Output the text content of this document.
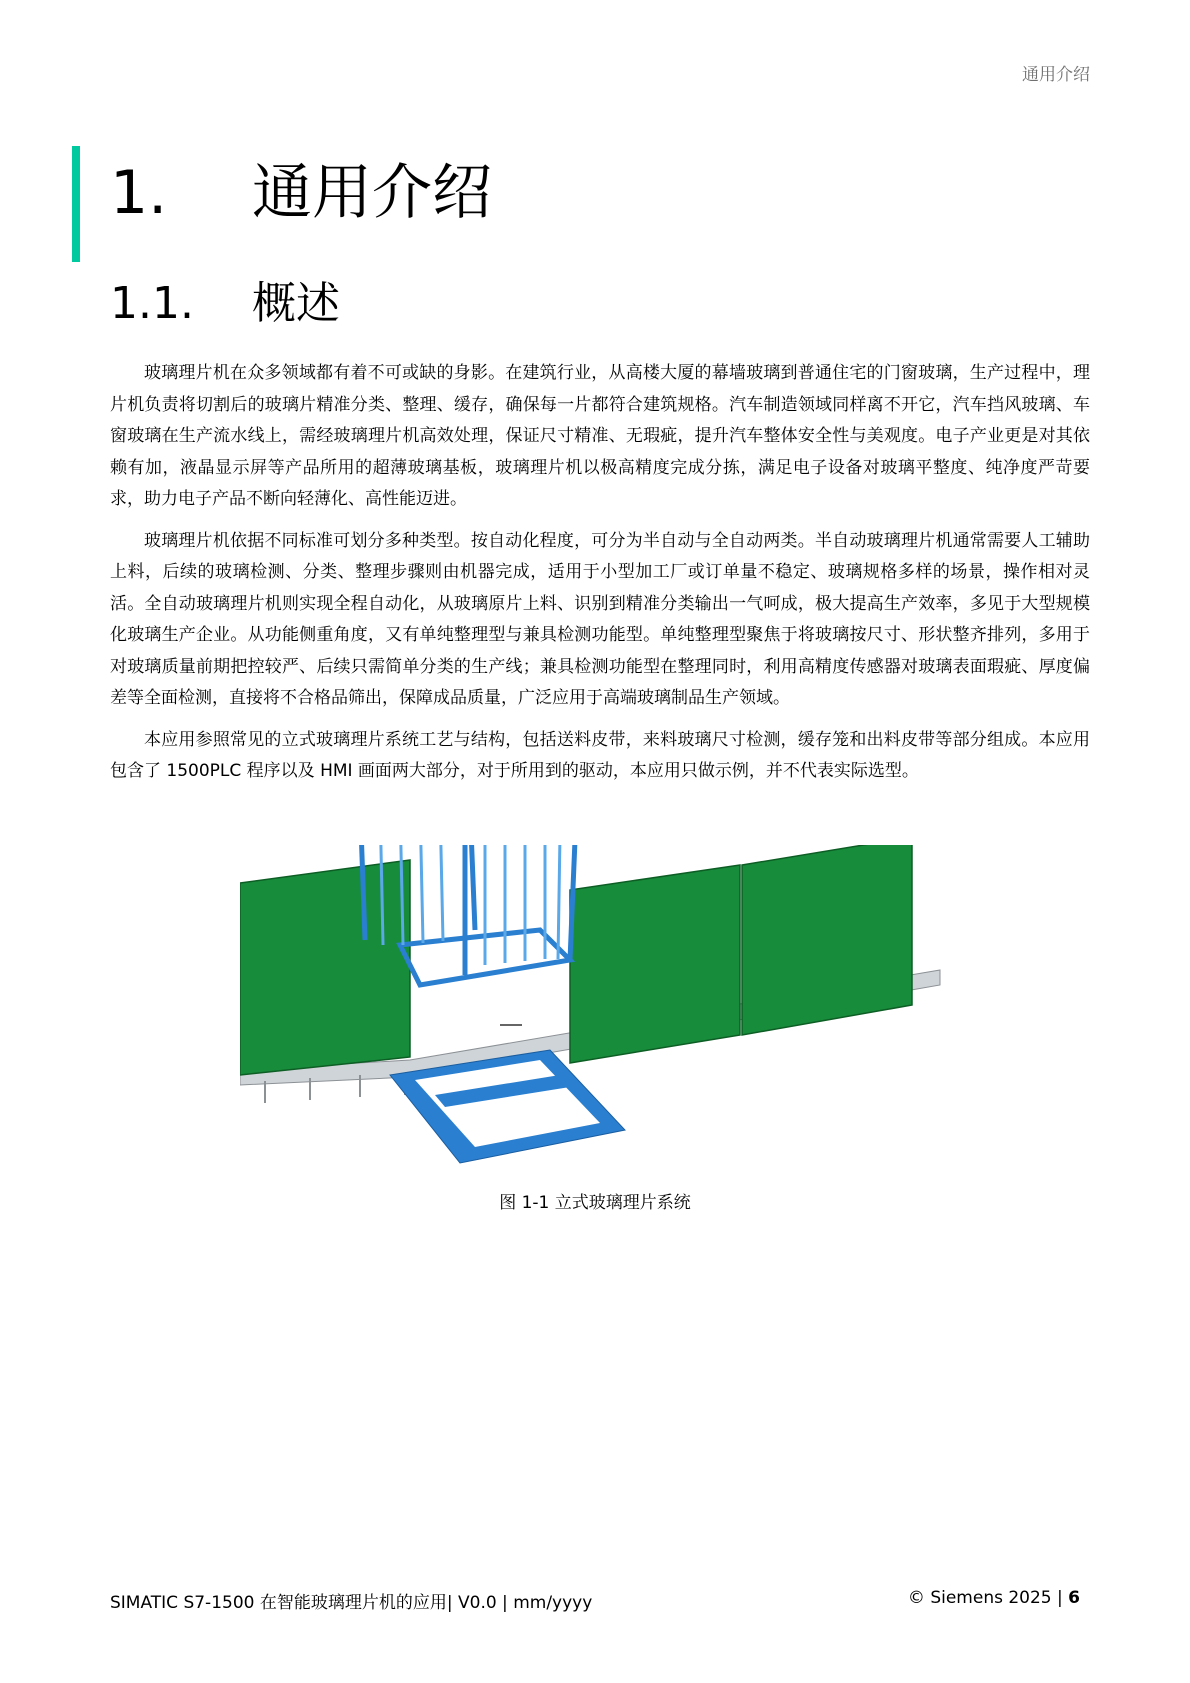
通用介绍
1.	通用介绍
1.1.	概述

玻璃理片机在众多领域都有着不可或缺的身影。在建筑行业，从高楼大厦的幕墙玻璃到普通住宅的门窗玻璃，生产过程中，理片机负责将切割后的玻璃片精准分类、整理、缓存，确保每一片都符合建筑规格。汽车制造领域同样离不开它，汽车挡风玻璃、车窗玻璃在生产流水线上，需经玻璃理片机高效处理，保证尺寸精准、无瑕疵，提升汽车整体安全性与美观度。电子产业更是对其依赖有加，液晶显示屏等产品所用的超薄玻璃基板，玻璃理片机以极高精度完成分拣，满足电子设备对玻璃平整度、纯净度严苛要求，助力电子产品不断向轻薄化、高性能迈进。

玻璃理片机依据不同标准可划分多种类型。按自动化程度，可分为半自动与全自动两类。半自动玻璃理片机通常需要人工辅助上料，后续的玻璃检测、分类、整理步骤则由机器完成，适用于小型加工厂或订单量不稳定、玻璃规格多样的场景，操作相对灵活。全自动玻璃理片机则实现全程自动化，从玻璃原片上料、识别到精准分类输出一气呵成，极大提高生产效率，多见于大型规模化玻璃生产企业。从功能侧重角度，又有单纯整理型与兼具检测功能型。单纯整理型聚焦于将玻璃按尺寸、形状整齐排列，多用于对玻璃质量前期把控较严、后续只需简单分类的生产线；兼具检测功能型在整理同时，利用高精度传感器对玻璃表面瑕疵、厚度偏差等全面检测，直接将不合格品筛出，保障成品质量，广泛应用于高端玻璃制品生产领域。

本应用参照常见的立式玻璃理片系统工艺与结构，包括送料皮带，来料玻璃尺寸检测，缓存笼和出料皮带等部分组成。本应用包含了 1500PLC 程序以及 HMI 画面两大部分，对于所用到的驱动，本应用只做示例，并不代表实际选型。

图 1-1 立式玻璃理片系统
SIMATIC S7-1500 在智能玻璃理片机的应用| V0.0 | mm/yyyy	© Siemens 2025 | 6
